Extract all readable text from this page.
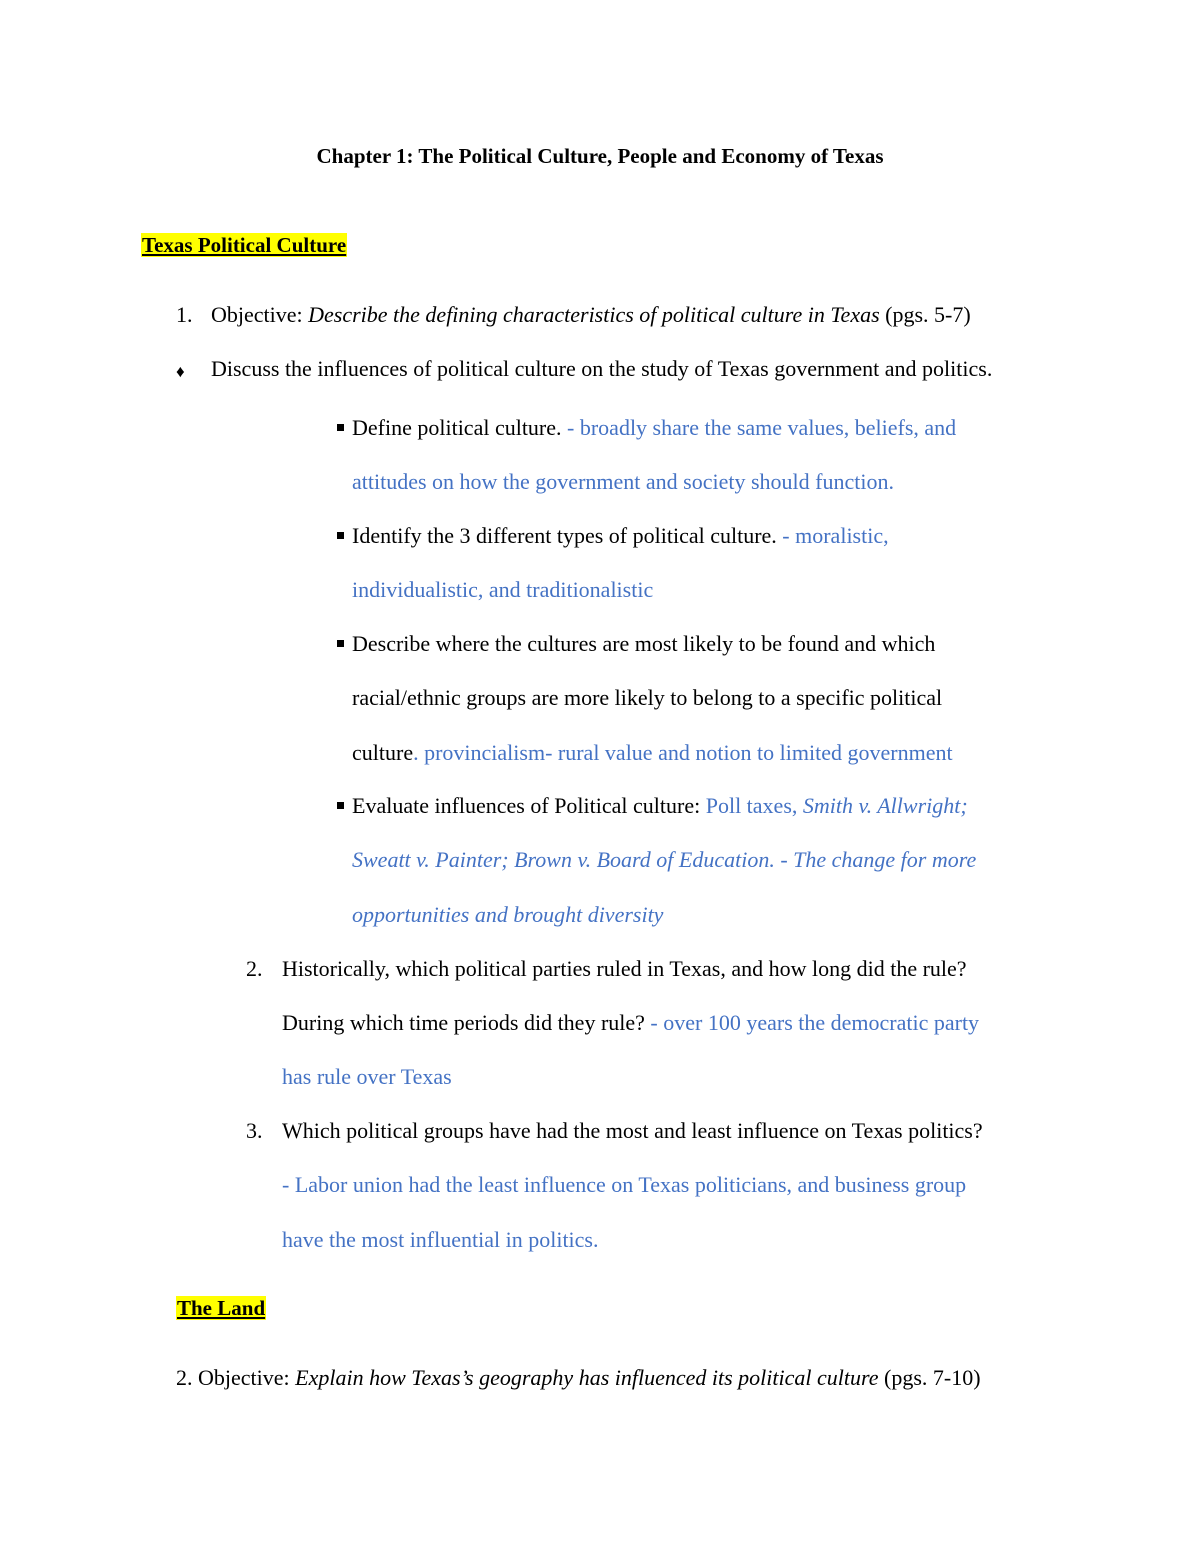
Chapter 1: The Political Culture, People and Economy of Texas
Texas Political Culture
1. Objective: Describe the defining characteristics of political culture in Texas (pgs. 5-7)
♦ Discuss the influences of political culture on the study of Texas government and politics.
Define political culture. - broadly share the same values, beliefs, and
attitudes on how the government and society should function.
Identify the 3 different types of political culture. - moralistic,
individualistic, and traditionalistic
Describe where the cultures are most likely to be found and which
racial/ethnic groups are more likely to belong to a specific political
culture. provincialism- rural value and notion to limited government
Evaluate influences of Political culture: Poll taxes, Smith v. Allwright;
Sweatt v. Painter; Brown v. Board of Education. - The change for more
opportunities and brought diversity
2. Historically, which political parties ruled in Texas, and how long did the rule?
During which time periods did they rule? - over 100 years the democratic party
has rule over Texas
3. Which political groups have had the most and least influence on Texas politics?
- Labor union had the least influence on Texas politicians, and business group
have the most influential in politics.
The Land
2. Objective: Explain how Texas’s geography has influenced its political culture (pgs. 7-10)
